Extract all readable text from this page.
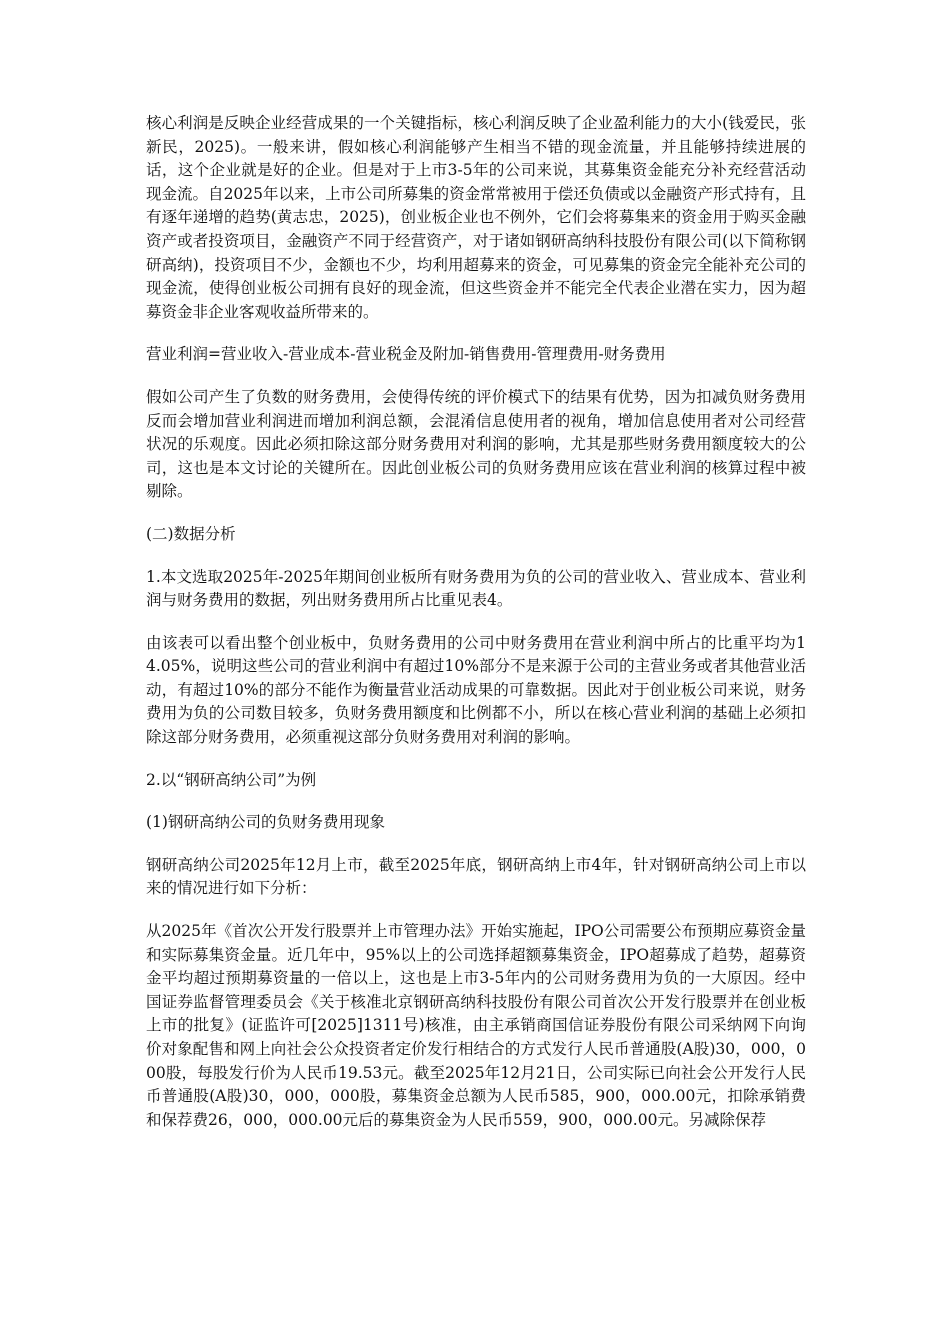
核心利润是反映企业经营成果的一个关键指标，核心利润反映了企业盈利能力的大小(钱爱民，张新民，2025)。一般来讲，假如核心利润能够产生相当不错的现金流量，并且能够持续进展的话，这个企业就是好的企业。但是对于上市3-5年的公司来说，其募集资金能充分补充经营活动现金流。自2025年以来，上市公司所募集的资金常常被用于偿还负债或以金融资产形式持有，且有逐年递增的趋势(黄志忠，2025)，创业板企业也不例外，它们会将募集来的资金用于购买金融资产或者投资项目，金融资产不同于经营资产，对于诸如钢研高纳科技股份有限公司(以下简称钢研高纳)，投资项目不少，金额也不少，均利用超募来的资金，可见募集的资金完全能补充公司的现金流，使得创业板公司拥有良好的现金流，但这些资金并不能完全代表企业潜在实力，因为超募资金非企业客观收益所带来的。

营业利润=营业收入-营业成本-营业税金及附加-销售费用-管理费用-财务费用

假如公司产生了负数的财务费用，会使得传统的评价模式下的结果有优势，因为扣减负财务费用反而会增加营业利润进而增加利润总额，会混淆信息使用者的视角，增加信息使用者对公司经营状况的乐观度。因此必须扣除这部分财务费用对利润的影响，尤其是那些财务费用额度较大的公司，这也是本文讨论的关键所在。因此创业板公司的负财务费用应该在营业利润的核算过程中被剔除。

(二)数据分析

1.本文选取2025年-2025年期间创业板所有财务费用为负的公司的营业收入、营业成本、营业利润与财务费用的数据，列出财务费用所占比重见表4。

由该表可以看出整个创业板中，负财务费用的公司中财务费用在营业利润中所占的比重平均为14.05%，说明这些公司的营业利润中有超过10%部分不是来源于公司的主营业务或者其他营业活动，有超过10%的部分不能作为衡量营业活动成果的可靠数据。因此对于创业板公司来说，财务费用为负的公司数目较多，负财务费用额度和比例都不小，所以在核心营业利润的基础上必须扣除这部分财务费用，必须重视这部分负财务费用对利润的影响。

2.以“钢研高纳公司”为例

(1)钢研高纳公司的负财务费用现象

钢研高纳公司2025年12月上市，截至2025年底，钢研高纳上市4年，针对钢研高纳公司上市以来的情况进行如下分析：

从2025年《首次公开发行股票并上市管理办法》开始实施起，IPO公司需要公布预期应募资金量和实际募集资金量。近几年中，95%以上的公司选择超额募集资金，IPO超募成了趋势，超募资金平均超过预期募资量的一倍以上，这也是上市3-5年内的公司财务费用为负的一大原因。经中国证券监督管理委员会《关于核准北京钢研高纳科技股份有限公司首次公开发行股票并在创业板上市的批复》(证监许可[2025]1311号)核准，由主承销商国信证券股份有限公司采纳网下向询价对象配售和网上向社会公众投资者定价发行相结合的方式发行人民币普通股(A股)30，000，000股，每股发行价为人民币19.53元。截至2025年12月21日，公司实际已向社会公开发行人民币普通股(A股)30，000，000股，募集资金总额为人民币585，900，000.00元，扣除承销费和保荐费26，000，000.00元后的募集资金为人民币559，900，000.00元。另减除保荐
